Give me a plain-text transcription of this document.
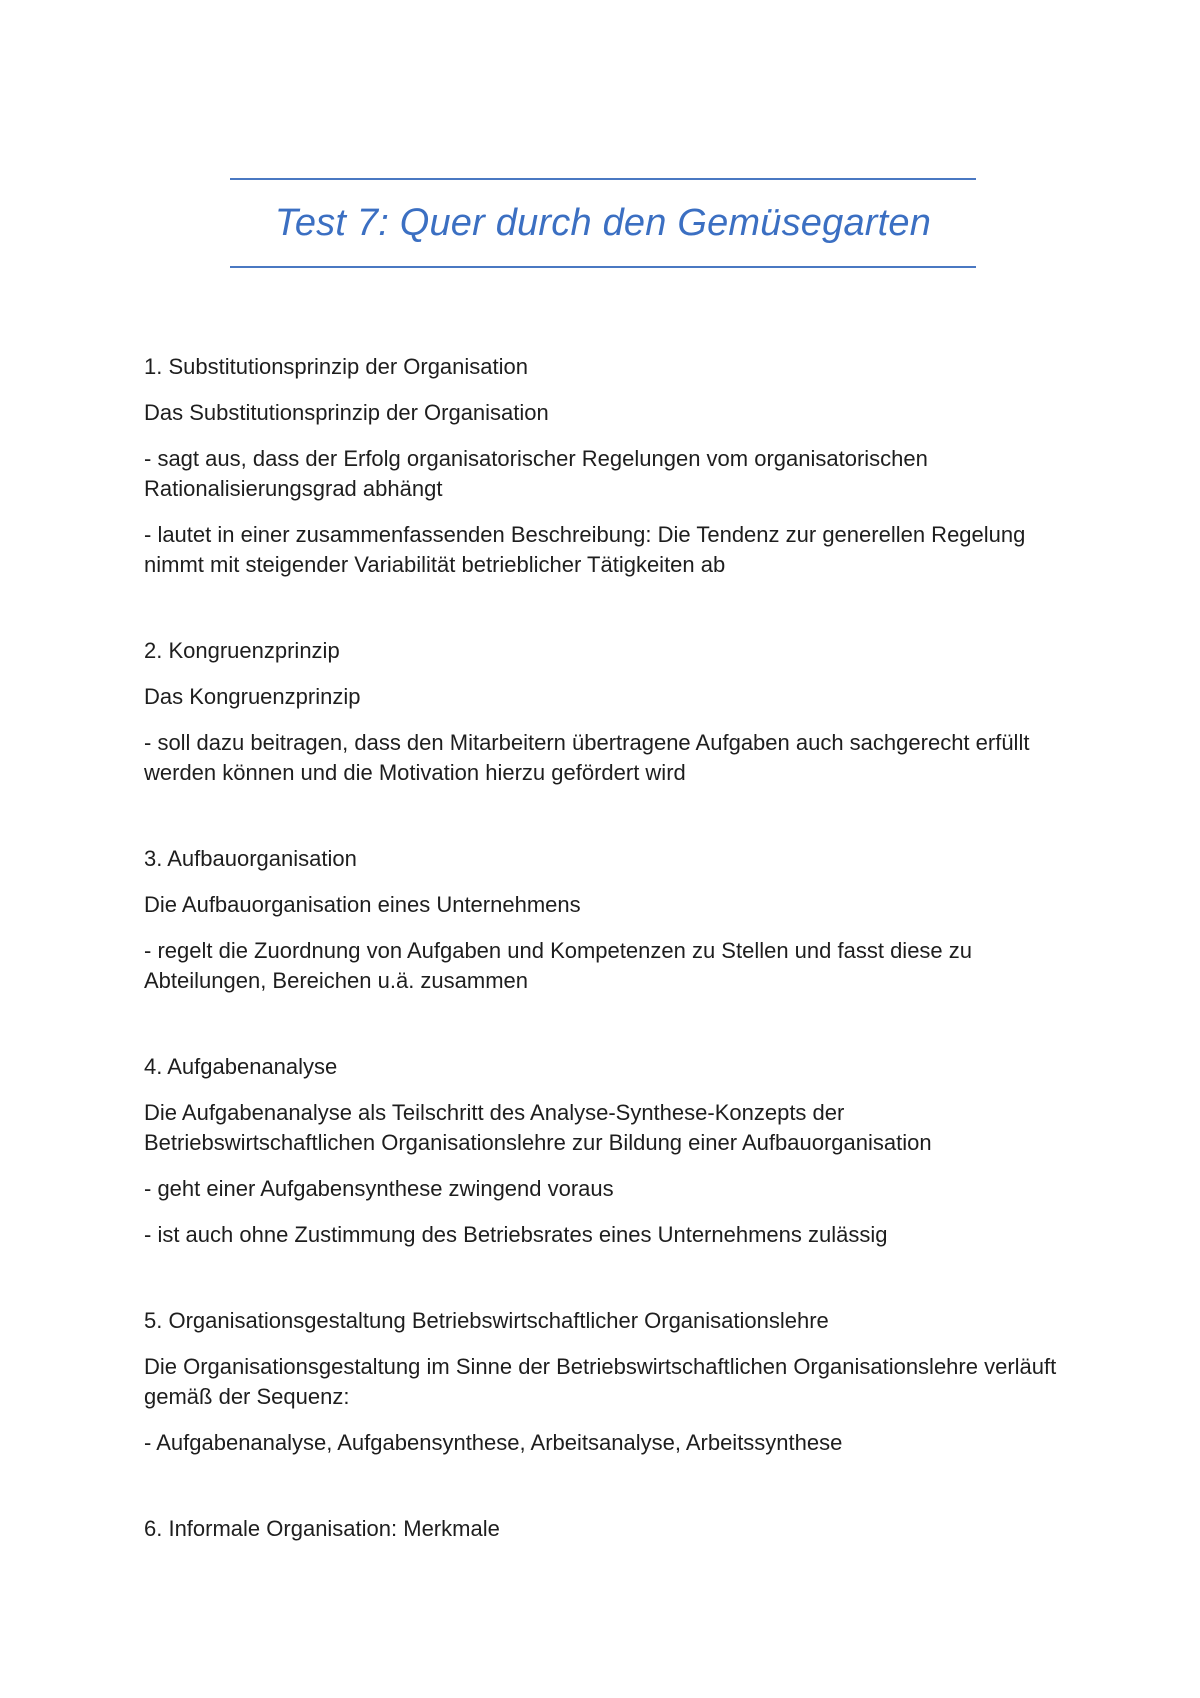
Test 7: Quer durch den Gemüsegarten

1. Substitutionsprinzip der Organisation

Das Substitutionsprinzip der Organisation

- sagt aus, dass der Erfolg organisatorischer Regelungen vom organisatorischen Rationalisierungsgrad abhängt

- lautet in einer zusammenfassenden Beschreibung: Die Tendenz zur generellen Regelung nimmt mit steigender Variabilität betrieblicher Tätigkeiten ab

2. Kongruenzprinzip

Das Kongruenzprinzip

- soll dazu beitragen, dass den Mitarbeitern übertragene Aufgaben auch sachgerecht erfüllt werden können und die Motivation hierzu gefördert wird

3. Aufbauorganisation

Die Aufbauorganisation eines Unternehmens

- regelt die Zuordnung von Aufgaben und Kompetenzen zu Stellen und fasst diese zu Abteilungen, Bereichen u.ä. zusammen

4. Aufgabenanalyse

Die Aufgabenanalyse als Teilschritt des Analyse-Synthese-Konzepts der Betriebswirtschaftlichen Organisationslehre zur Bildung einer Aufbauorganisation

- geht einer Aufgabensynthese zwingend voraus

- ist auch ohne Zustimmung des Betriebsrates eines Unternehmens zulässig

5. Organisationsgestaltung Betriebswirtschaftlicher Organisationslehre

Die Organisationsgestaltung im Sinne der Betriebswirtschaftlichen Organisationslehre verläuft gemäß der Sequenz:

- Aufgabenanalyse, Aufgabensynthese, Arbeitsanalyse, Arbeitssynthese

6. Informale Organisation: Merkmale
